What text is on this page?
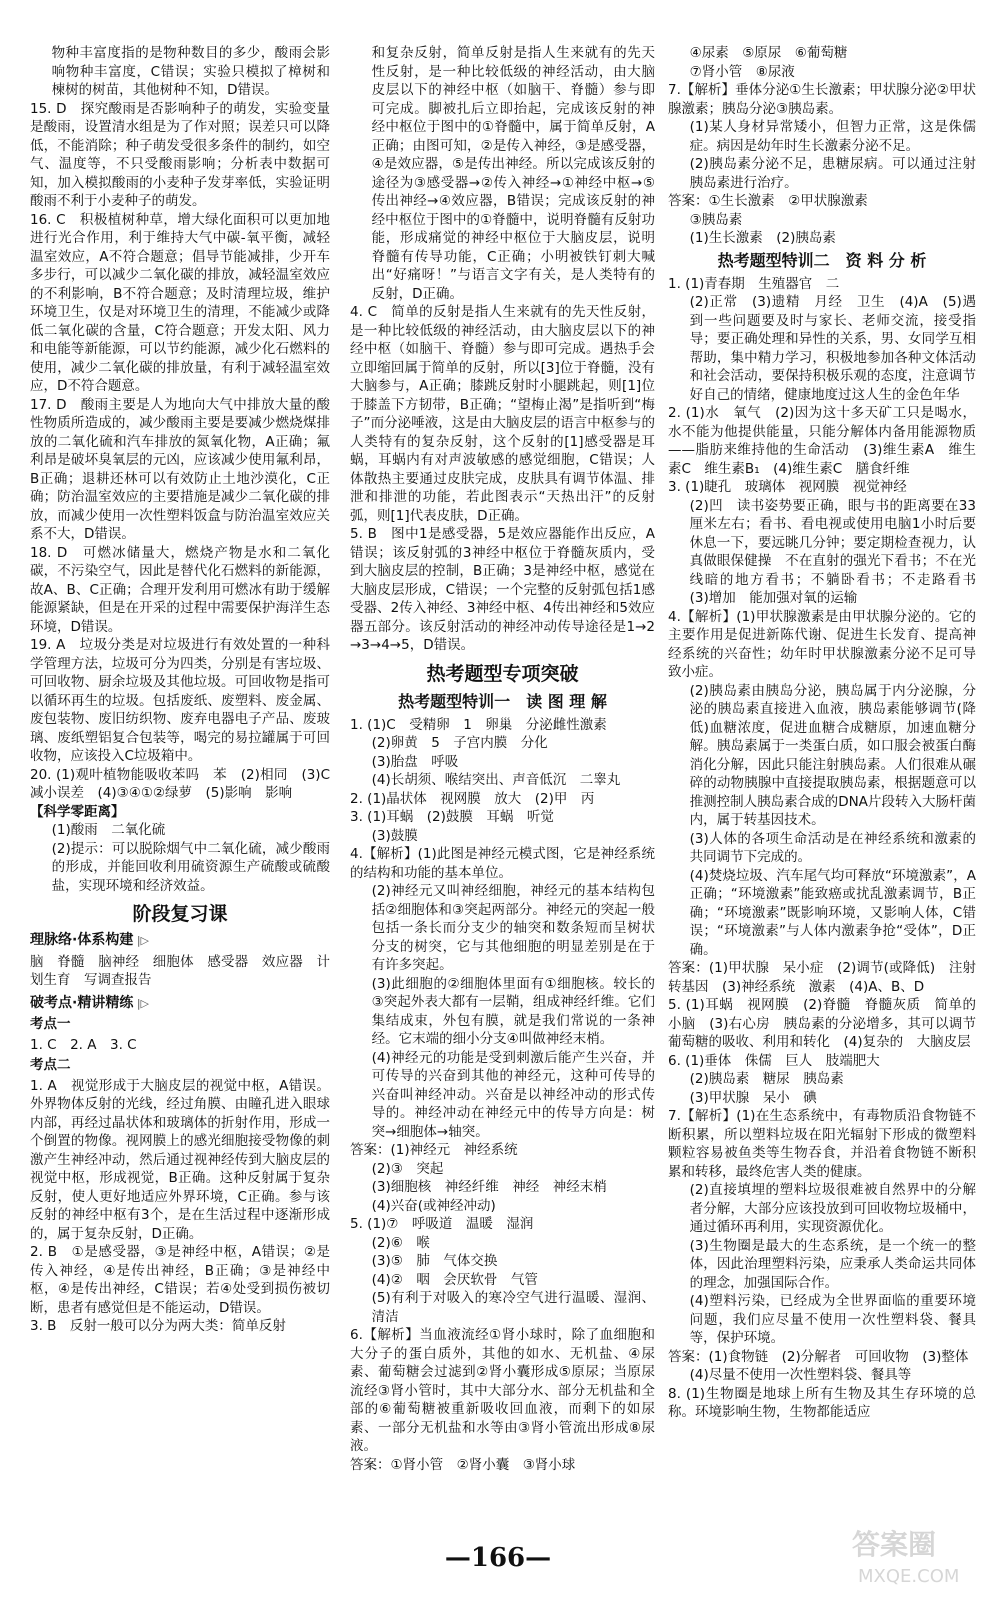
物种丰富度指的是物种数目的多少，酸雨会影响物种丰富度，C错误；实验只模拟了樟树和楝树的树苗，其他树种不知，D错误。

15. D　探究酸雨是否影响种子的萌发，实验变量是酸雨，设置清水组是为了作对照；误差只可以降低，不能消除；种子萌发受很多条件的制约，如空气、温度等，不只受酸雨影响；分析表中数据可知，加入模拟酸雨的小麦种子发芽率低，实验证明酸雨不利于小麦种子的萌发。

16. C　积极植树种草，增大绿化面积可以更加地进行光合作用，利于维持大气中碳-氧平衡，减轻温室效应，A不符合题意；倡导节能减排，少开车多步行，可以减少二氧化碳的排放，减轻温室效应的不利影响，B不符合题意；及时清理垃圾，维护环境卫生，仅是对环境卫生的清理，不能减少或降低二氧化碳的含量，C符合题意；开发太阳、风力和电能等新能源，可以节约能源，减少化石燃料的使用，减少二氧化碳的排放量，有利于减轻温室效应，D不符合题意。

17. D　酸雨主要是人为地向大气中排放大量的酸性物质所造成的，减少酸雨主要是要减少燃烧煤排放的二氧化硫和汽车排放的氮氧化物，A正确；氟利昂是破坏臭氧层的元凶，应该减少使用氟利昂，B正确；退耕还林可以有效防止土地沙漠化，C正确；防治温室效应的主要措施是减少二氧化碳的排放，而减少使用一次性塑料饭盒与防治温室效应关系不大，D错误。

18. D　可燃冰储量大，燃烧产物是水和二氧化碳，不污染空气，因此是替代化石燃料的新能源，故A、B、C正确；合理开发利用可燃冰有助于缓解能源紧缺，但是在开采的过程中需要保护海洋生态环境，D错误。

19. A　垃圾分类是对垃圾进行有效处置的一种科学管理方法，垃圾可分为四类，分别是有害垃圾、可回收物、厨余垃圾及其他垃圾。可回收物是指可以循环再生的垃圾。包括废纸、废塑料、废金属、废包装物、废旧纺织物、废弃电器电子产品、废玻璃、废纸塑铝复合包装等，喝完的易拉罐属于可回收物，应该投入C垃圾箱中。

20. (1)观叶植物能吸收苯吗　苯　(2)相同　(3)C　减小误差　(4)③④①②绿萝　(5)影响　影响

【科学零距离】

(1)酸雨　二氧化硫

(2)提示：可以脱除烟气中二氧化硫，减少酸雨的形成，并能回收利用硫资源生产硫酸或硫酸盐，实现环境和经济效益。

阶段复习课
理脉络·体系构建 |▷

脑　脊髓　脑神经　细胞体　感受器　效应器　计划生育　写调查报告

破考点·精讲精练 |▷
考点一

1. C　2. A　3. C

考点二

1. A　视觉形成于大脑皮层的视觉中枢，A错误。外界物体反射的光线，经过角膜、由瞳孔进入眼球内部，再经过晶状体和玻璃体的折射作用，形成一个倒置的物像。视网膜上的感光细胞接受物像的刺激产生神经冲动，然后通过视神经传到大脑皮层的视觉中枢，形成视觉，B正确。这种反射属于复杂反射，使人更好地适应外界环境，C正确。参与该反射的神经中枢有3个，是在生活过程中逐渐形成的，属于复杂反射，D正确。

2. B　①是感受器，③是神经中枢，A错误；②是传入神经，④是传出神经，B正确；③是神经中枢，④是传出神经，C错误；若④处受到损伤被切断，患者有感觉但是不能运动，D错误。

3. B　反射一般可以分为两大类：简单反射

和复杂反射，简单反射是指人生来就有的先天性反射，是一种比较低级的神经活动，由大脑皮层以下的神经中枢（如脑干、脊髓）参与即可完成。脚被扎后立即抬起，完成该反射的神经中枢位于图中的①脊髓中，属于简单反射，A正确；由图可知，②是传入神经，③是感受器，④是效应器，⑤是传出神经。所以完成该反射的途径为③感受器→②传入神经→①神经中枢→⑤传出神经→④效应器，B错误；完成该反射的神经中枢位于图中的①脊髓中，说明脊髓有反射功能，形成痛觉的神经中枢位于大脑皮层，说明脊髓有传导功能，C正确；小明被铁钉刺大喊出“好痛呀！”与语言文字有关，是人类特有的反射，D正确。

4. C　简单的反射是指人生来就有的先天性反射，是一种比较低级的神经活动，由大脑皮层以下的神经中枢（如脑干、脊髓）参与即可完成。遇热手会立即缩回属于简单的反射，所以[3]位于脊髓，没有大脑参与，A正确；膝跳反射时小腿跳起，则[1]位于膝盖下方韧带，B正确；“望梅止渴”是指听到“梅子”而分泌唾液，这是由大脑皮层的语言中枢参与的人类特有的复杂反射，这个反射的[1]感受器是耳蜗，耳蜗内有对声波敏感的感觉细胞，C错误；人体散热主要通过皮肤完成，皮肤具有调节体温、排泄和排泄的功能，若此图表示“天热出汗”的反射弧，则[1]代表皮肤，D正确。

5. B　图中1是感受器，5是效应器能作出反应，A错误；该反射弧的3神经中枢位于脊髓灰质内，受到大脑皮层的控制，B正确；3是神经中枢，感觉在大脑皮层形成，C错误；一个完整的反射弧包括1感受器、2传入神经、3神经中枢、4传出神经和5效应器五部分。该反射活动的神经冲动传导途径是1→2→3→4→5，D错误。

热考题型专项突破
热考题型特训一　读 图 理 解

1. (1)C　受精卵　1　卵巢　分泌雌性激素

(2)卵黄　5　子宫内膜　分化

(3)胎盘　呼吸

(4)长胡须、喉结突出、声音低沉　二睾丸

2. (1)晶状体　视网膜　放大　(2)甲　丙

3. (1)耳蜗　(2)鼓膜　耳蜗　听觉

(3)鼓膜

4.【解析】(1)此图是神经元模式图，它是神经系统的结构和功能的基本单位。

(2)神经元又叫神经细胞，神经元的基本结构包括②细胞体和③突起两部分。神经元的突起一般包括一条长而分支少的轴突和数条短而呈树状分支的树突，它与其他细胞的明显差别是在于有许多突起。

(3)此细胞的②细胞体里面有①细胞核。较长的③突起外表大都有一层鞘，组成神经纤维。它们集结成束，外包有膜，就是我们常说的一条神经。它末端的细小分支④叫做神经末梢。

(4)神经元的功能是受到刺激后能产生兴奋，并可传导的兴奋到其他的神经元，这种可传导的兴奋叫神经冲动。兴奋是以神经冲动的形式传导的。神经冲动在神经元中的传导方向是：树突→细胞体→轴突。

答案：(1)神经元　神经系统

(2)③　突起

(3)细胞核　神经纤维　神经　神经末梢

(4)兴奋(或神经冲动)

5. (1)⑦　呼吸道　温暖　湿润

(2)⑥　喉

(3)⑤　肺　气体交换

(4)②　咽　会厌软骨　气管

(5)有利于对吸入的寒冷空气进行温暖、湿润、清洁

6.【解析】当血液流经①肾小球时，除了血细胞和大分子的蛋白质外，其他的如水、无机盐、④尿素、葡萄糖会过滤到②肾小囊形成⑤原尿；当原尿流经③肾小管时，其中大部分水、部分无机盐和全部的⑥葡萄糖被重新吸收回血液，而剩下的如尿素、一部分无机盐和水等由③肾小管流出形成⑧尿液。

答案：①肾小管　②肾小囊　③肾小球

④尿素　⑤原尿　⑥葡萄糖

⑦肾小管　⑧尿液

7.【解析】垂体分泌①生长激素；甲状腺分泌②甲状腺激素；胰岛分泌③胰岛素。

(1)某人身材异常矮小，但智力正常，这是侏儒症。病因是幼年时生长激素分泌不足。

(2)胰岛素分泌不足，患糖尿病。可以通过注射胰岛素进行治疗。

答案：①生长激素　②甲状腺激素

③胰岛素

(1)生长激素　(2)胰岛素

热考题型特训二　资 料 分 析

1. (1)青春期　生殖器官　二

(2)正常　(3)遗精　月经　卫生　(4)A　(5)遇到一些问题要及时与家长、老师交流，接受指导；要正确处理和异性的关系，男、女同学互相帮助，集中精力学习，积极地参加各种文体活动和社会活动，要保持积极乐观的态度，注意调节好自己的情绪，健康地度过这人生的金色年华

2. (1)水　氧气　(2)因为这十多天矿工只是喝水，水不能为他提供能量，只能分解体内备用能源物质——脂肪来维持他的生命活动　(3)维生素A　维生素C　维生素B₁　(4)维生素C　膳食纤维

3. (1)睫孔　玻璃体　视网膜　视觉神经

(2)凹　读书姿势要正确，眼与书的距离要在33厘米左右；看书、看电视或使用电脑1小时后要休息一下，要远眺几分钟；要定期检查视力，认真做眼保健操　不在直射的强光下看书；不在光线暗的地方看书；不躺卧看书；不走路看书　(3)增加　能加强对氧的运输

4.【解析】(1)甲状腺激素是由甲状腺分泌的。它的主要作用是促进新陈代谢、促进生长发育、提高神经系统的兴奋性；幼年时甲状腺激素分泌不足可导致小症。

(2)胰岛素由胰岛分泌，胰岛属于内分泌腺，分泌的胰岛素直接进入血液，胰岛素能够调节(降低)血糖浓度，促进血糖合成糖原，加速血糖分解。胰岛素属于一类蛋白质，如口服会被蛋白酶消化分解，因此只能注射胰岛素。人们很难从碾碎的动物胰腺中直接提取胰岛素，根据题意可以推测控制人胰岛素合成的DNA片段转入大肠杆菌内，属于转基因技术。

(3)人体的各项生命活动是在神经系统和激素的共同调节下完成的。

(4)焚烧垃圾、汽车尾气均可释放“环境激素”，A正确；“环境激素”能致癌或扰乱激素调节，B正确；“环境激素”既影响环境，又影响人体，C错误；“环境激素”与人体内激素争抢“受体”，D正确。

答案：(1)甲状腺　呆小症　(2)调节(或降低)　注射　转基因　(3)神经系统　激素　(4)A、B、D

5. (1)耳蜗　视网膜　(2)脊髓　脊髓灰质　简单的　小脑　(3)右心房　胰岛素的分泌增多，其可以调节葡萄糖的吸收、利用和转化　(4)复杂的　大脑皮层

6. (1)垂体　侏儒　巨人　肢端肥大

(2)胰岛素　糖尿　胰岛素

(3)甲状腺　呆小　碘

7.【解析】(1)在生态系统中，有毒物质沿食物链不断积累，所以塑料垃圾在阳光辐射下形成的微塑料颗粒容易被鱼类等生物吞食，并沿着食物链不断积累和转移，最终危害人类的健康。

(2)直接填埋的塑料垃圾很难被自然界中的分解者分解，大部分应该投放到可回收物垃圾桶中，通过循环再利用，实现资源优化。

(3)生物圈是最大的生态系统，是一个统一的整体，因此治理塑料污染，应秉承人类命运共同体的理念，加强国际合作。

(4)塑料污染，已经成为全世界面临的重要环境问题，我们应尽量不使用一次性塑料袋、餐具等，保护环境。

答案：(1)食物链　(2)分解者　可回收物　(3)整体

(4)尽量不使用一次性塑料袋、餐具等

8. (1)生物圈是地球上所有生物及其生存环境的总称。环境影响生物，生物都能适应

—166—	答案圈
MXQE.COM
